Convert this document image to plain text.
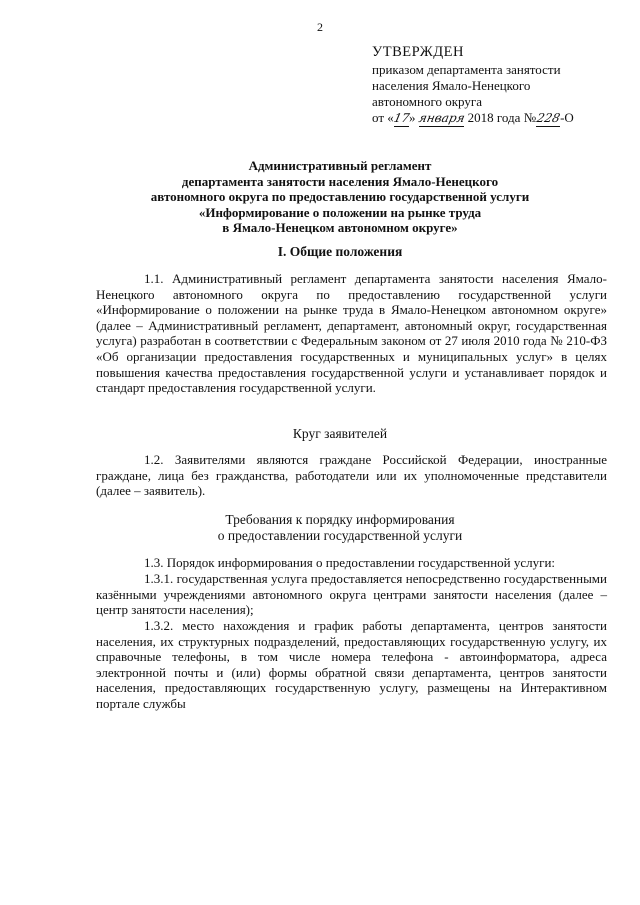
2
УТВЕРЖДЕН
приказом департамента занятости
населения Ямало-Ненецкого
автономного округа
от «17» января 2018 года №228-О
Административный регламент
департамента занятости населения Ямало-Ненецкого
автономного округа по предоставлению государственной услуги
«Информирование о положении на рынке труда
в Ямало-Ненецком автономном округе»
I. Общие положения

1.1. Административный регламент департамента занятости населения Ямало-Ненецкого автономного округа по предоставлению государственной услуги «Информирование о положении на рынке труда в Ямало-Ненецком автономном округе» (далее – Административный регламент, департамент, автономный округ, государственная услуга) разработан в соответствии с Федеральным законом от 27 июля 2010 года № 210-ФЗ «Об организации предоставления государственных и муниципальных услуг» в целях повышения качества предоставления государственной услуги и устанавливает порядок и стандарт предоставления государственной услуги.

Круг заявителей

1.2. Заявителями являются граждане Российской Федерации, иностранные граждане, лица без гражданства, работодатели или их уполномоченные представители (далее – заявитель).

Требования к порядку информирования
о предоставлении государственной услуги

1.3. Порядок информирования о предоставлении государственной услуги:

1.3.1. государственная услуга предоставляется непосредственно государственными казёнными учреждениями автономного округа центрами занятости населения (далее – центр занятости населения);

1.3.2. место нахождения и график работы департамента, центров занятости населения, их структурных подразделений, предоставляющих государственную услугу, их справочные телефоны, в том числе номера телефона - автоинформатора, адреса электронной почты и (или) формы обратной связи департамента, центров занятости населения, предоставляющих государственную услугу, размещены на Интерактивном портале службы
